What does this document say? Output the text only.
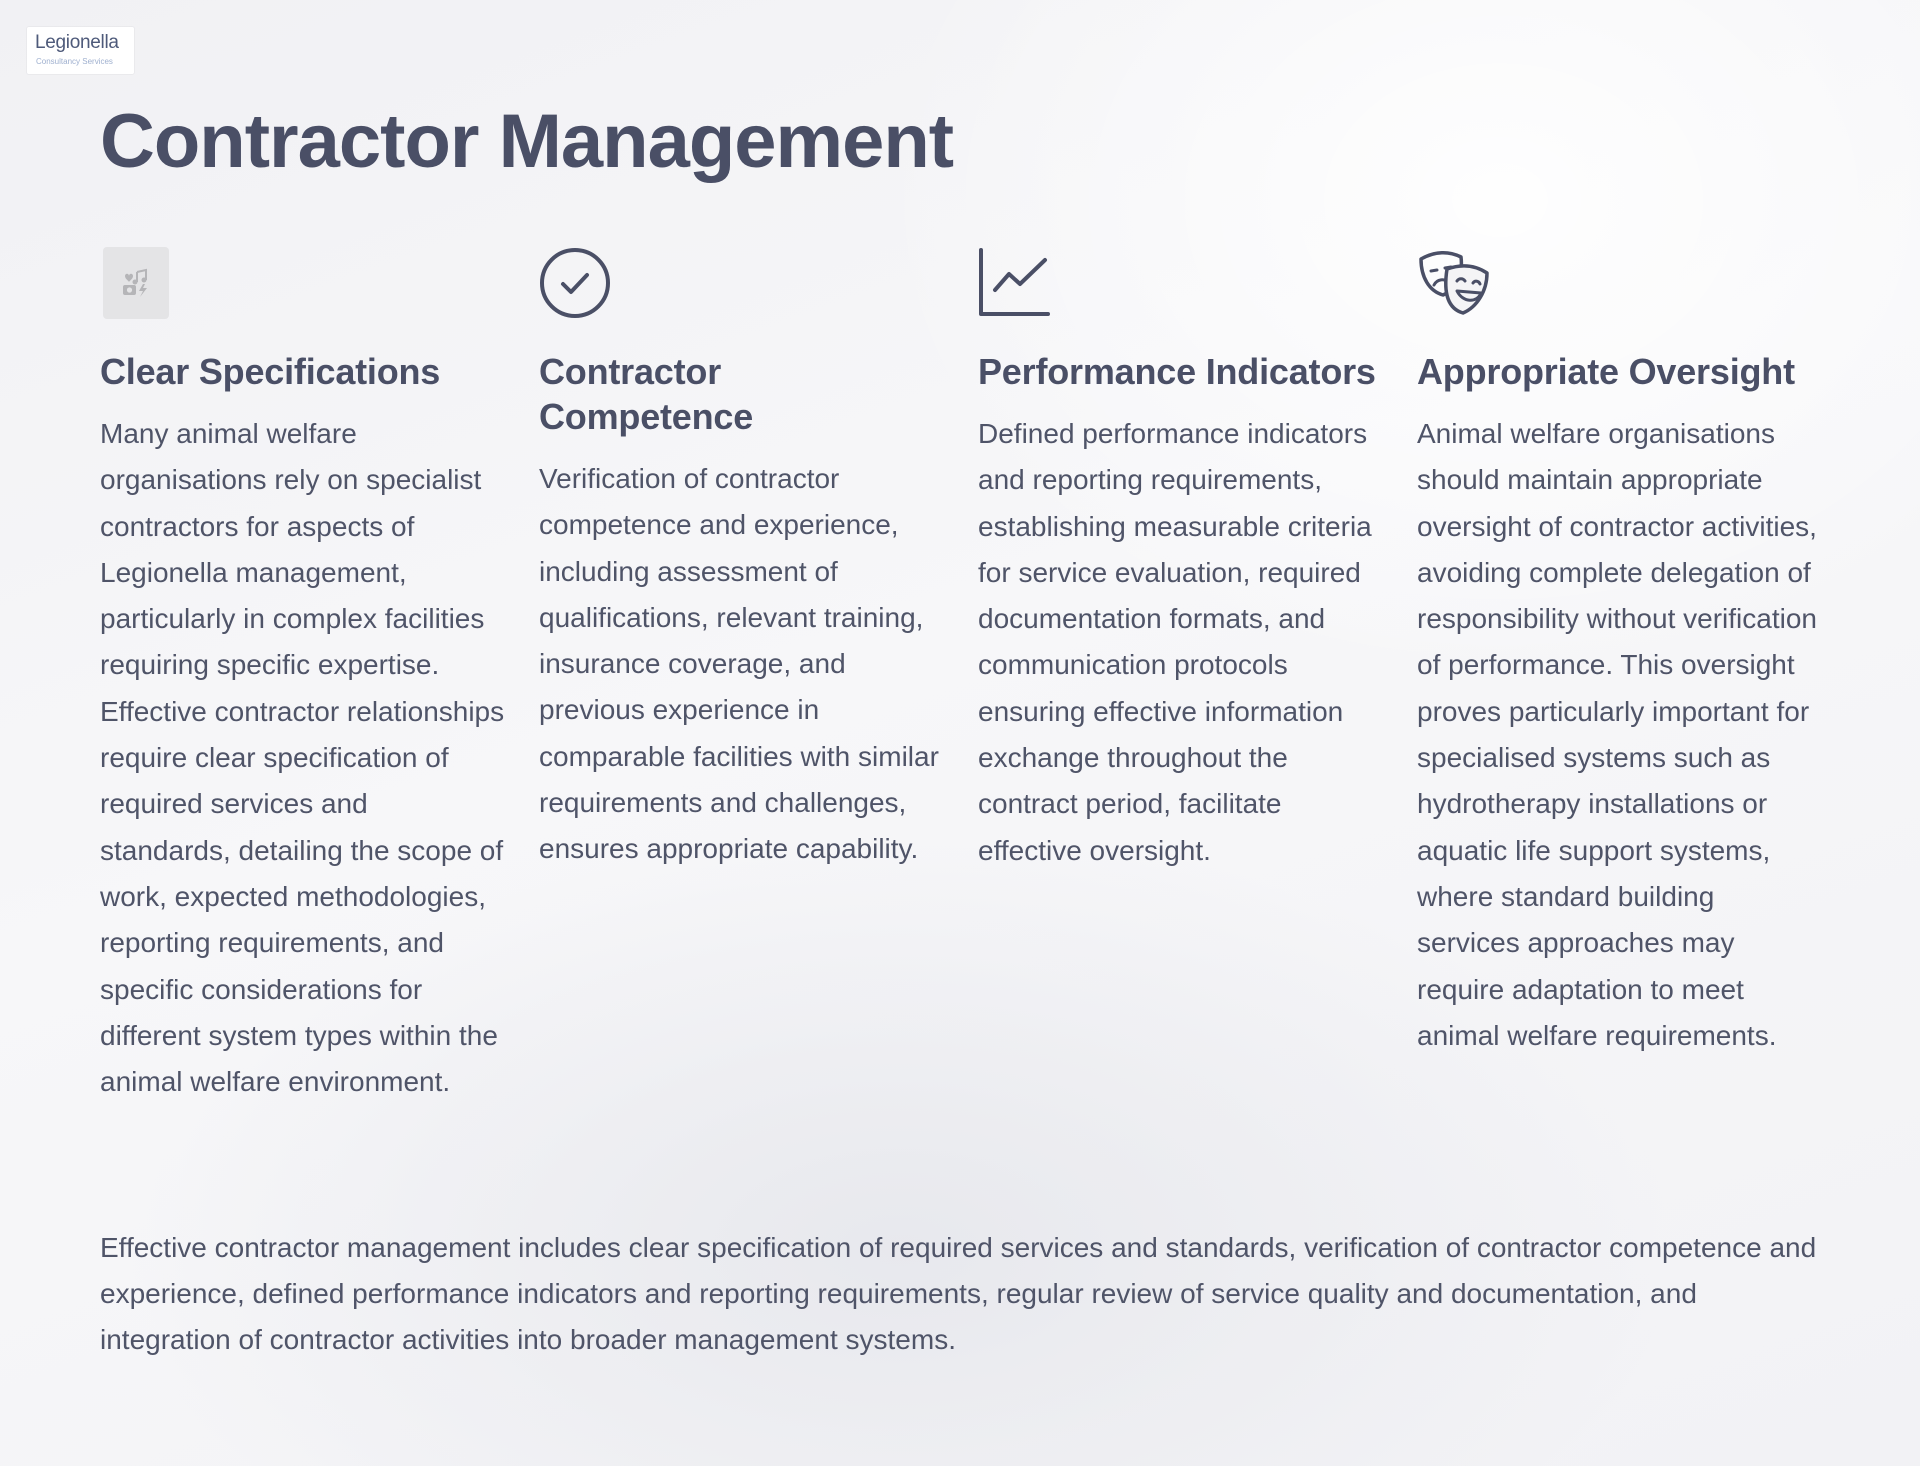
Legionella
Consultancy Services
Contractor Management
Clear Specifications

Many animal welfare organisations rely on specialist contractors for aspects of Legionella management, particularly in complex facilities requiring specific expertise. Effective contractor relationships require clear specification of required services and standards, detailing the scope of work, expected methodologies, reporting requirements, and specific considerations for different system types within the animal welfare environment.

Contractor Competence

Verification of contractor competence and experience, including assessment of qualifications, relevant training, insurance coverage, and previous experience in comparable facilities with similar requirements and challenges, ensures appropriate capability.

Performance Indicators

Defined performance indicators and reporting requirements, establishing measurable criteria for service evaluation, required documentation formats, and communication protocols ensuring effective information exchange throughout the contract period, facilitate effective oversight.

Appropriate Oversight

Animal welfare organisations should maintain appropriate oversight of contractor activities, avoiding complete delegation of responsibility without verification of performance. This oversight proves particularly important for specialised systems such as hydrotherapy installations or aquatic life support systems, where standard building services approaches may require adaptation to meet animal welfare requirements.

Effective contractor management includes clear specification of required services and standards, verification of contractor competence and experience, defined performance indicators and reporting requirements, regular review of service quality and documentation, and integration of contractor activities into broader management systems.
